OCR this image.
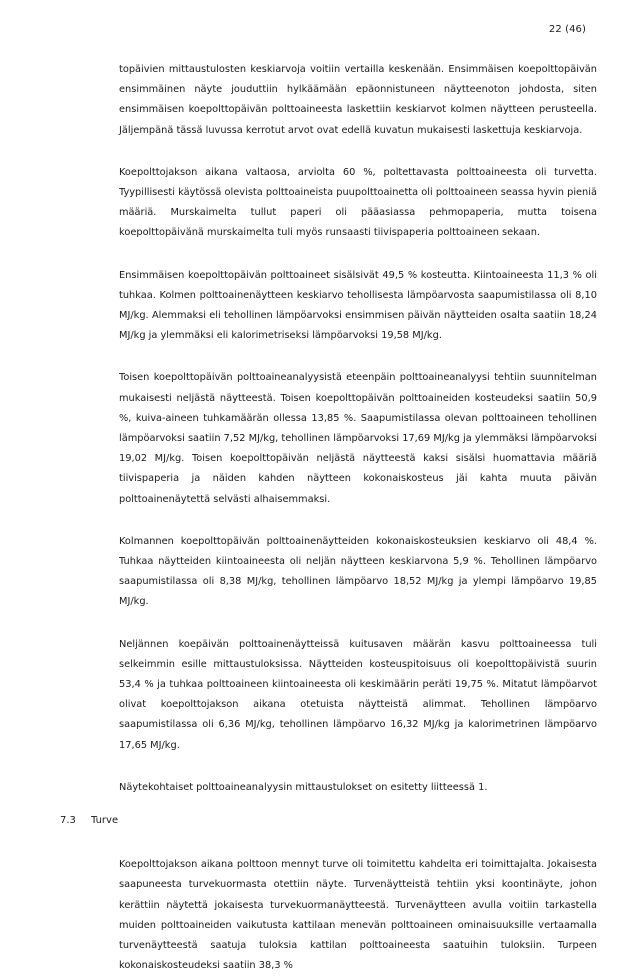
22 (46)

topäivien mittaustulosten keskiarvoja voitiin vertailla keskenään. Ensimmäisen koepolttopäivän ensimmäinen näyte jouduttiin hylkäämään epäonnistuneen näytteenoton johdosta, siten ensimmäisen koepolttopäivän polttoaineesta laskettiin keskiarvot kolmen näytteen perusteella. Jäljempänä tässä luvussa kerrotut arvot ovat edellä kuvatun mukaisesti laskettuja keskiarvoja.

Koepolttojakson aikana valtaosa, arviolta 60 %, poltettavasta polttoaineesta oli turvetta. Tyypillisesti käytössä olevista polttoaineista puupolttoainetta oli polttoaineen seassa hyvin pieniä määriä. Murskaimelta tullut paperi oli pääasiassa pehmopaperia, mutta toisena koepolttopäivänä murskaimelta tuli myös runsaasti tiivispaperia polttoaineen sekaan.

Ensimmäisen koepolttopäivän polttoaineet sisälsivät 49,5 % kosteutta. Kiintoaineesta 11,3 % oli tuhkaa. Kolmen polttoainenäytteen keskiarvo tehollisesta lämpöarvosta saapumistilassa oli 8,10 MJ/kg. Alemmaksi eli tehollinen lämpöarvoksi ensimmisen päivän näytteiden osalta saatiin 18,24 MJ/kg ja ylemmäksi eli kalorimetriseksi lämpöarvoksi 19,58 MJ/kg.

Toisen koepolttopäivän polttoaineanalyysistä eteenpäin polttoaineanalyysi tehtiin suunnitelman mukaisesti neljästä näytteestä. Toisen koepolttopäivän polttoaineiden kosteudeksi saatiin 50,9 %, kuiva-aineen tuhkamäärän ollessa 13,85 %. Saapumistilassa olevan polttoaineen tehollinen lämpöarvoksi saatiin 7,52 MJ/kg, tehollinen lämpöarvoksi 17,69 MJ/kg ja ylemmäksi lämpöarvoksi 19,02 MJ/kg. Toisen koepolttopäivän neljästä näytteestä kaksi sisälsi huomattavia määriä tiivispaperia ja näiden kahden näytteen kokonaiskosteus jäi kahta muuta päivän polttoainenäytettä selvästi alhaisemmaksi.

Kolmannen koepolttopäivän polttoainenäytteiden kokonaiskosteuksien keskiarvo oli 48,4 %. Tuhkaa näytteiden kiintoaineesta oli neljän näytteen keskiarvona 5,9 %. Tehollinen lämpöarvo saapumistilassa oli 8,38 MJ/kg, tehollinen lämpöarvo 18,52 MJ/kg ja ylempi lämpöarvo 19,85 MJ/kg.

Neljännen koepäivän polttoainenäytteissä kuitusaven määrän kasvu polttoaineessa tuli selkeimmin esille mittaustuloksissa. Näytteiden kosteuspitoisuus oli koepolttopäivistä suurin 53,4 % ja tuhkaa polttoaineen kiintoaineesta oli keskimäärin peräti 19,75 %. Mitatut lämpöarvot olivat koepolttojakson aikana otetuista näytteistä alimmat. Tehollinen lämpöarvo saapumistilassa oli 6,36 MJ/kg, tehollinen lämpöarvo 16,32 MJ/kg ja kalorimetrinen lämpöarvo 17,65 MJ/kg.

Näytekohtaiset polttoaineanalyysin mittaustulokset on esitetty liitteessä 1.

7.3 Turve

Koepolttojakson aikana polttoon mennyt turve oli toimitettu kahdelta eri toimittajalta. Jokaisesta saapuneesta turvekuormasta otettiin näyte. Turvenäytteistä tehtiin yksi koontinäyte, johon kerättiin näytettä jokaisesta turvekuormanäytteestä. Turvenäytteen avulla voitiin tarkastella muiden polttoaineiden vaikutusta kattilaan menevän polttoaineen ominaisuuksille vertaamalla turvenäytteestä saatuja tuloksia kattilan polttoaineesta saatuihin tuloksiin. Turpeen kokonaiskosteudeksi saatiin 38,3 %
